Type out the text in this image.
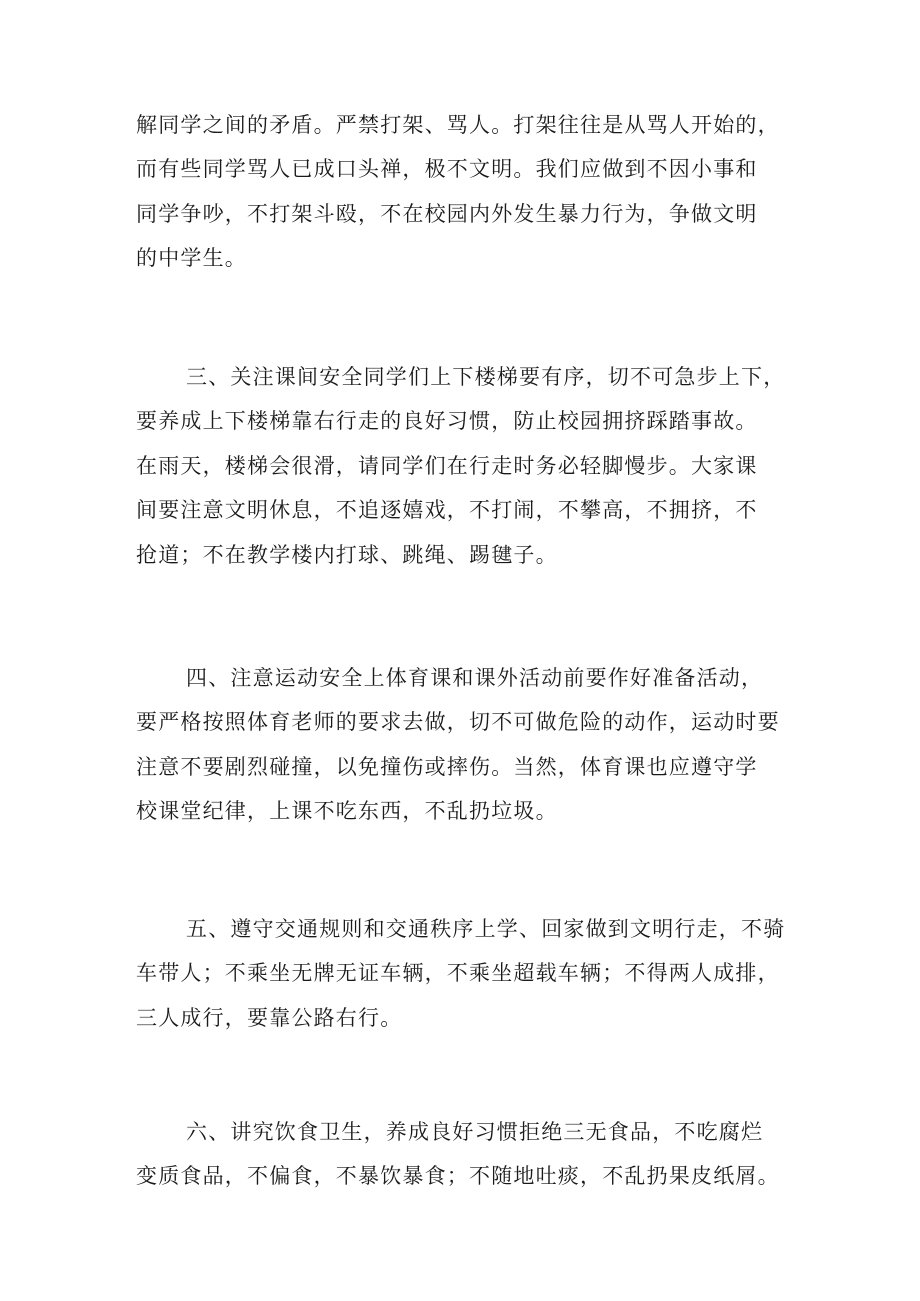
解同学之间的矛盾。严禁打架、骂人。打架往往是从骂人开始的，
而有些同学骂人已成口头禅，极不文明。我们应做到不因小事和
同学争吵，不打架斗殴，不在校园内外发生暴力行为，争做文明
的中学生。

三、关注课间安全同学们上下楼梯要有序，切不可急步上下，
要养成上下楼梯靠右行走的良好习惯，防止校园拥挤踩踏事故。
在雨天，楼梯会很滑，请同学们在行走时务必轻脚慢步。大家课
间要注意文明休息，不追逐嬉戏，不打闹，不攀高，不拥挤，不
抢道；不在教学楼内打球、跳绳、踢毽子。

四、注意运动安全上体育课和课外活动前要作好准备活动，
要严格按照体育老师的要求去做，切不可做危险的动作，运动时要
注意不要剧烈碰撞，以免撞伤或摔伤。当然，体育课也应遵守学
校课堂纪律，上课不吃东西，不乱扔垃圾。

五、遵守交通规则和交通秩序上学、回家做到文明行走，不骑
车带人；不乘坐无牌无证车辆，不乘坐超载车辆；不得两人成排，
三人成行，要靠公路右行。

六、讲究饮食卫生，养成良好习惯拒绝三无食品，不吃腐烂
变质食品，不偏食，不暴饮暴食；不随地吐痰，不乱扔果皮纸屑。
